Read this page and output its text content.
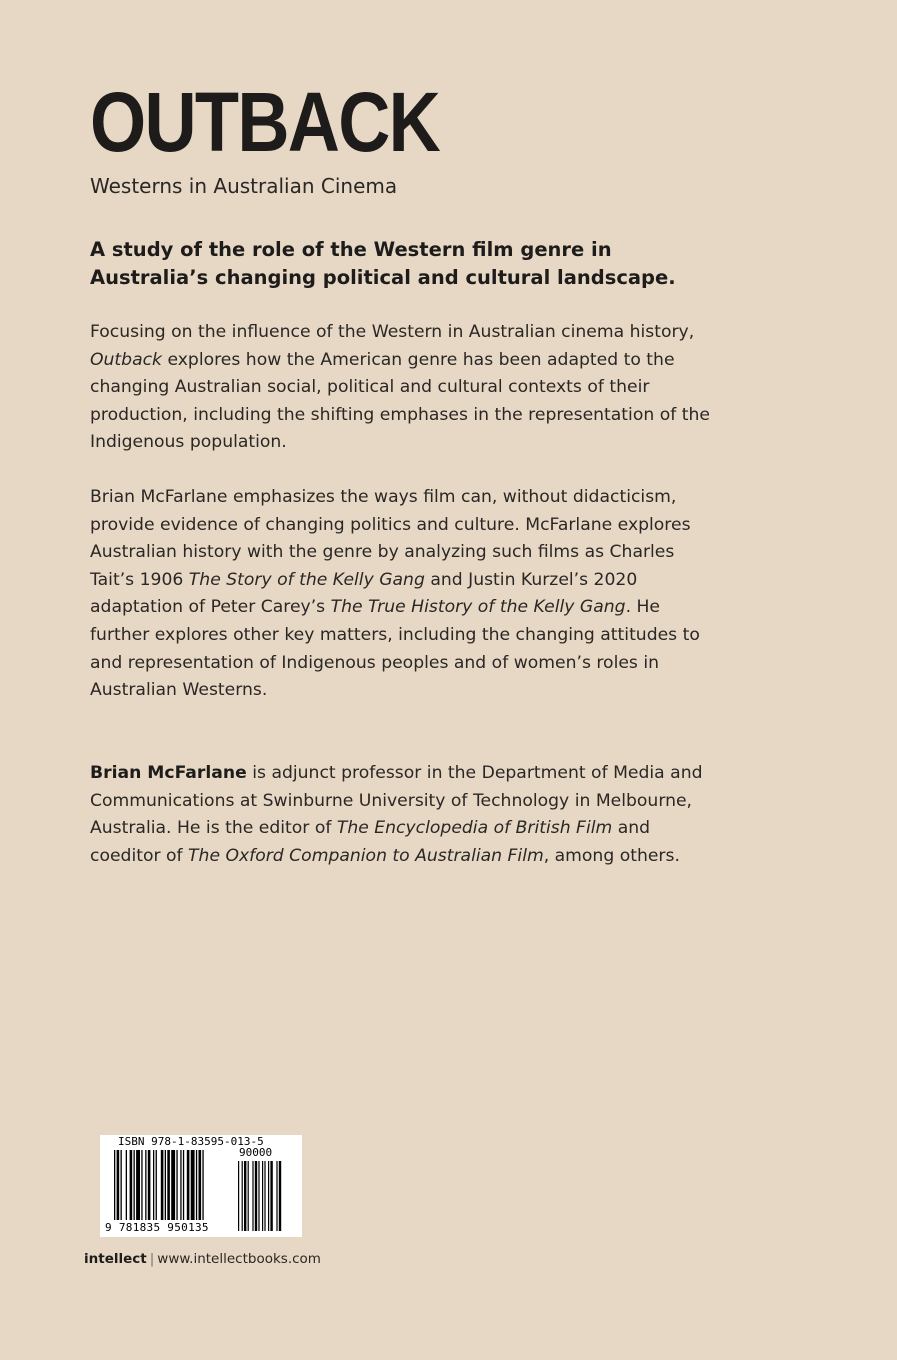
OUTBACK
Westerns in Australian Cinema
A study of the role of the Western film genre in Australia’s changing political and cultural landscape.
Focusing on the influence of the Western in Australian cinema history, Outback explores how the American genre has been adapted to the changing Australian social, political and cultural contexts of their production, including the shifting emphases in the representation of the Indigenous population.
Brian McFarlane emphasizes the ways film can, without didacticism, provide evidence of changing politics and culture. McFarlane explores Australian history with the genre by analyzing such films as Charles Tait’s 1906 The Story of the Kelly Gang and Justin Kurzel’s 2020 adaptation of Peter Carey’s The True History of the Kelly Gang. He further explores other key matters, including the changing attitudes to and representation of Indigenous peoples and of women’s roles in Australian Westerns.
Brian McFarlane is adjunct professor in the Department of Media and Communications at Swinburne University of Technology in Melbourne, Australia. He is the editor of The Encyclopedia of British Film and coeditor of The Oxford Companion to Australian Film, among others.
ISBN 978-1-83595-013-5
90000
9 781835 950135
intellect | www.intellectbooks.com
